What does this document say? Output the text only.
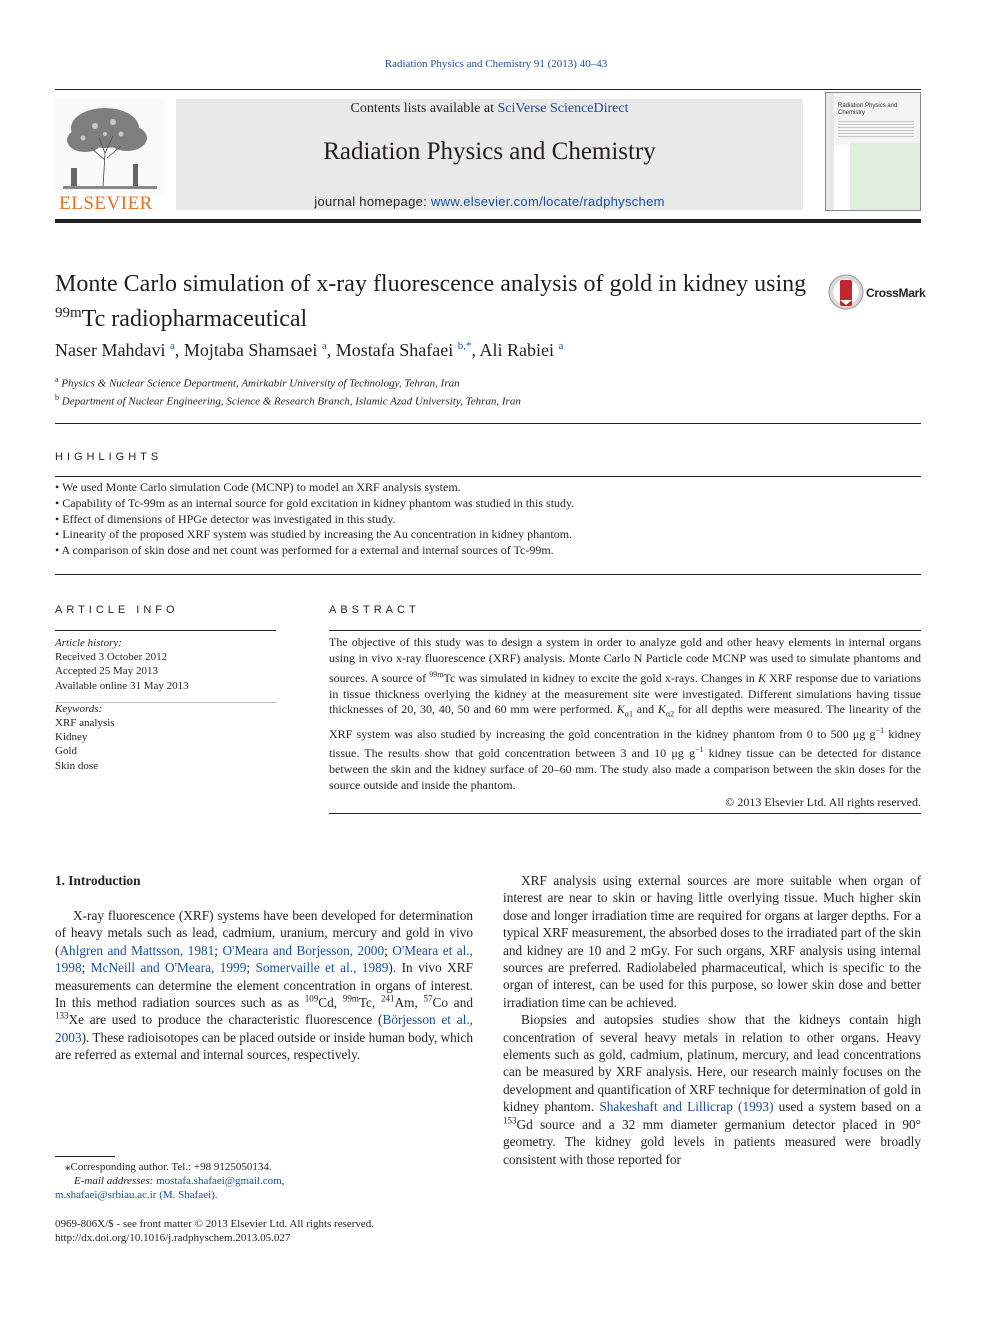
Radiation Physics and Chemistry 91 (2013) 40–43
ELSEVIER
Contents lists available at SciVerse ScienceDirect
Radiation Physics and Chemistry
journal homepage: www.elsevier.com/locate/radphyschem
Radiation Physics and Chemistry
Monte Carlo simulation of x-ray fluorescence analysis of gold in kidney using $^{99m}$Tc radiopharmaceutical
CrossMark
Naser Mahdavi $^a$, Mojtaba Shamsaei $^a$, Mostafa Shafaei $^{b,*}$, Ali Rabiei $^a$
$^a$ Physics & Nuclear Science Department, Amirkabir University of Technology, Tehran, Iran
$^b$ Department of Nuclear Engineering, Science & Research Branch, Islamic Azad University, Tehran, Iran
HIGHLIGHTS
• We used Monte Carlo simulation Code (MCNP) to model an XRF analysis system.
• Capability of Tc-99m as an internal source for gold excitation in kidney phantom was studied in this study.
• Effect of dimensions of HPGe detector was investigated in this study.
• Linearity of the proposed XRF system was studied by increasing the Au concentration in kidney phantom.
• A comparison of skin dose and net count was performed for a external and internal sources of Tc-99m.
ARTICLE INFO
Article history:
Received 3 October 2012
Accepted 25 May 2013
Available online 31 May 2013
Keywords:
XRF analysis
Kidney
Gold
Skin dose
ABSTRACT
The objective of this study was to design a system in order to analyze gold and other heavy elements in internal organs using in vivo x-ray fluorescence (XRF) analysis. Monte Carlo N Particle code MCNP was used to simulate phantoms and sources. A source of $^{99m}$Tc was simulated in kidney to excite the gold x-rays. Changes in K XRF response due to variations in tissue thickness overlying the kidney at the measurement site were investigated. Different simulations having tissue thicknesses of 20, 30, 40, 50 and 60 mm were performed. $K_{\alpha 1}$ and $K_{\alpha 2}$ for all depths were measured. The linearity of the XRF system was also studied by increasing the gold concentration in the kidney phantom from 0 to 500 μg $g^{-1}$ kidney tissue. The results show that gold concentration between 3 and 10 μg $g^{-1}$ kidney tissue can be detected for distance between the skin and the kidney surface of 20–60 mm. The study also made a comparison between the skin doses for the source outside and inside the phantom.
© 2013 Elsevier Ltd. All rights reserved.
1. Introduction

X-ray fluorescence (XRF) systems have been developed for determination of heavy metals such as lead, cadmium, uranium, mercury and gold in vivo (Ahlgren and Mattsson, 1981; O'Meara and Borjesson, 2000; O'Meara et al., 1998; McNeill and O'Meara, 1999; Somervaille et al., 1989). In vivo XRF measurements can determine the element concentration in organs of interest. In this method radiation sources such as as $^{109}$Cd, $^{99m}$Tc, $^{241}$Am, $^{57}$Co and $^{133}$Xe are used to produce the characteristic fluorescence (Börjesson et al., 2003). These radioisotopes can be placed outside or inside human body, which are referred as external and internal sources, respectively.

XRF analysis using external sources are more suitable when organ of interest are near to skin or having little overlying tissue. Much higher skin dose and longer irradiation time are required for organs at larger depths. For a typical XRF measurement, the absorbed doses to the irradiated part of the skin and kidney are 10 and 2 mGy. For such organs, XRF analysis using internal sources are preferred. Radiolabeled pharmaceutical, which is specific to the organ of interest, can be used for this purpose, so lower skin dose and better irradiation time can be achieved.

Biopsies and autopsies studies show that the kidneys contain high concentration of several heavy metals in relation to other organs. Heavy elements such as gold, cadmium, platinum, mercury, and lead concentrations can be measured by XRF analysis. Here, our research mainly focuses on the development and quantification of XRF technique for determination of gold in kidney phantom. Shakeshaft and Lillicrap (1993) used a system based on a $^{153}$Gd source and a 32 mm diameter germanium detector placed in 90° geometry. The kidney gold levels in patients measured were broadly consistent with those reported for

⁎Corresponding author. Tel.: +98 9125050134.
E-mail addresses: mostafa.shafaei@gmail.com,
m.shafaei@srbiau.ac.ir (M. Shafaei).
0969-806X/$ - see front matter © 2013 Elsevier Ltd. All rights reserved.
http://dx.doi.org/10.1016/j.radphyschem.2013.05.027
